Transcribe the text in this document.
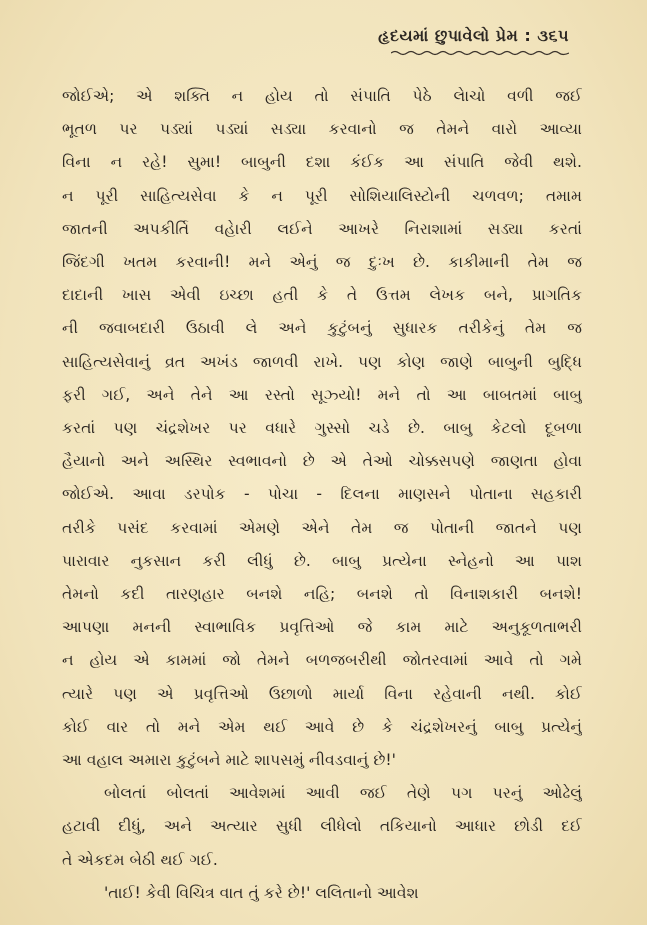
હૃદયમાં છુપાવેલો પ્રેમ : ૩૬૫
જોઈએ; એ શક્તિ ન હોય તો સંપાતિ પેઠે લેાચો વળી જઈ
ભૂતળ પર પડ્યાં પડ્યાં સડ્યા કરવાનો જ તેમને વારો આવ્યા
વિના ન રહે! સુમા! બાબુની દશા કંઈક આ સંપાતિ જેવી થશે.
ન પૂરી સાહિત્યસેવા કે ન પૂરી સોશિયાલિસ્ટોની ચળવળ; તમામ
જાતની અપકીર્તિ વહેારી લઈને આખરે નિરાશામાં સડ્યા કરતાં
જિંદગી ખતમ કરવાની! મને એનું જ દુઃખ છે. કાકીમાની તેમ જ
દાદાની ખાસ એવી ઇચ્છા હતી કે તે ઉત્તમ લેખક બને, પ્રાગતિક
ની જવાબદારી ઉઠાવી લે અને કુટુંબનું સુધારક તરીકેનું તેમ જ
સાહિત્યસેવાનું વ્રત અખંડ જાળવી રાખે. પણ કોણ જાણે બાબુની બુદ્ધિ
ફરી ગઈ, અને તેને આ રસ્તો સૂઝ્યો! મને તો આ બાબતમાં બાબુ
કરતાં પણ ચંદ્રશેખર પર વધારે ગુસ્સો ચડે છે. બાબુ કેટલો દૂબળા
હૈયાનો અને અસ્થિર સ્વભાવનો છે એ તેઓ ચોક્કસપણે જાણતા હોવા
જોઈએ. આવા ડરપોક - પોચા - દિલના માણસને પોતાના સહકારી
તરીકે પસંદ કરવામાં એમણે એને તેમ જ પોતાની જાતને પણ
પારાવાર નુકસાન કરી લીધું છે. બાબુ પ્રત્યેના સ્નેહનો આ પાશ
તેમનો કદી તારણહાર બનશે નહિ; બનશે તો વિનાશકારી બનશે!
આપણા મનની સ્વાભાવિક પ્રવૃત્તિઓ જે કામ માટે અનુકૂળતાભરી
ન હોય એ કામમાં જો તેમને બળજબરીથી જોતરવામાં આવે તો ગમે
ત્યારે પણ એ પ્રવૃત્તિઓ ઉછાળો માર્યા વિના રહેવાની નથી. કોઈ
કોઈ વાર તો મને એમ થઈ આવે છે કે ચંદ્રશેખરનું બાબુ પ્રત્યેનું
આ વહાલ અમારા કુટુંબને માટે શાપસમું નીવડવાનું છે!'
બોલતાં બોલતાં આવેશમાં આવી જઈ તેણે પગ પરનું ઓઢેલું
હટાવી દીધું, અને અત્યાર સુધી લીધેલો તકિયાનો આધાર છોડી દઈ
તે એકદમ બેઠી થઈ ગઈ.
'તાઈ! કેવી વિચિત્ર વાત તું કરે છે!' લલિતાનો આવેશ
